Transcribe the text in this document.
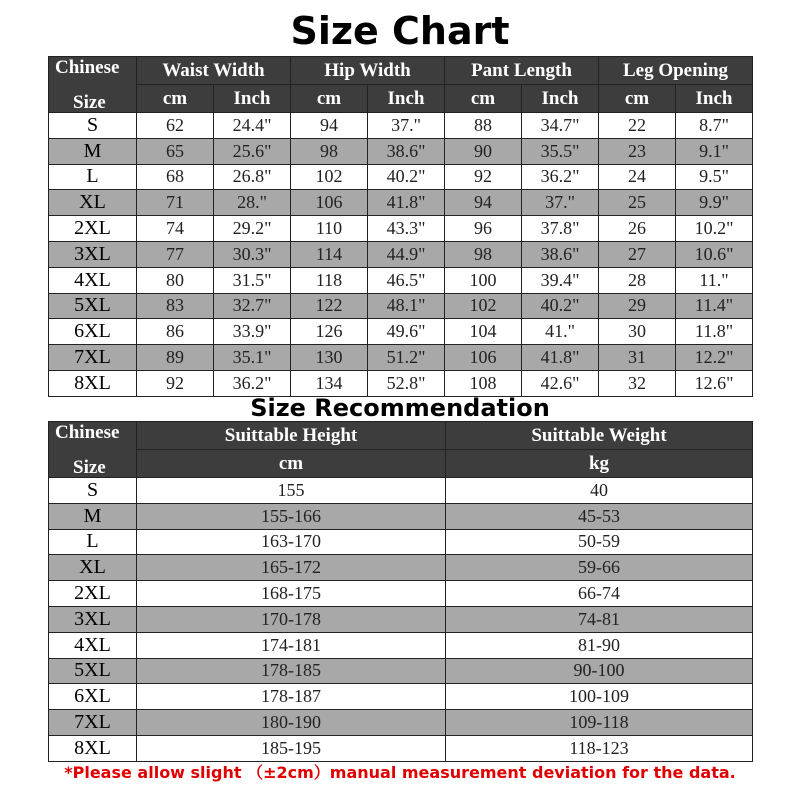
Size Chart
Chinese
Size	Waist Width		Hip Width		Pant Length		Leg Opening	
	cm	Inch	cm	Inch	cm	Inch	cm	Inch
S	62	24.4"	94	37."	88	34.7"	22	8.7"
M	65	25.6"	98	38.6"	90	35.5"	23	9.1"
L	68	26.8"	102	40.2"	92	36.2"	24	9.5"
XL	71	28."	106	41.8"	94	37."	25	9.9"
2XL	74	29.2"	110	43.3"	96	37.8"	26	10.2"
3XL	77	30.3"	114	44.9"	98	38.6"	27	10.6"
4XL	80	31.5"	118	46.5"	100	39.4"	28	11."
5XL	83	32.7"	122	48.1"	102	40.2"	29	11.4"
6XL	86	33.9"	126	49.6"	104	41."	30	11.8"
7XL	89	35.1"	130	51.2"	106	41.8"	31	12.2"
8XL	92	36.2"	134	52.8"	108	42.6"	32	12.6"
Size Recommendation
Chinese
Size	Suittable Height	Suittable Weight
	cm	kg
S	155	40
M	155-166	45-53
L	163-170	50-59
XL	165-172	59-66
2XL	168-175	66-74
3XL	170-178	74-81
4XL	174-181	81-90
5XL	178-185	90-100
6XL	178-187	100-109
7XL	180-190	109-118
8XL	185-195	118-123
*Please allow slight （±2cm）manual measurement deviation for the data.
